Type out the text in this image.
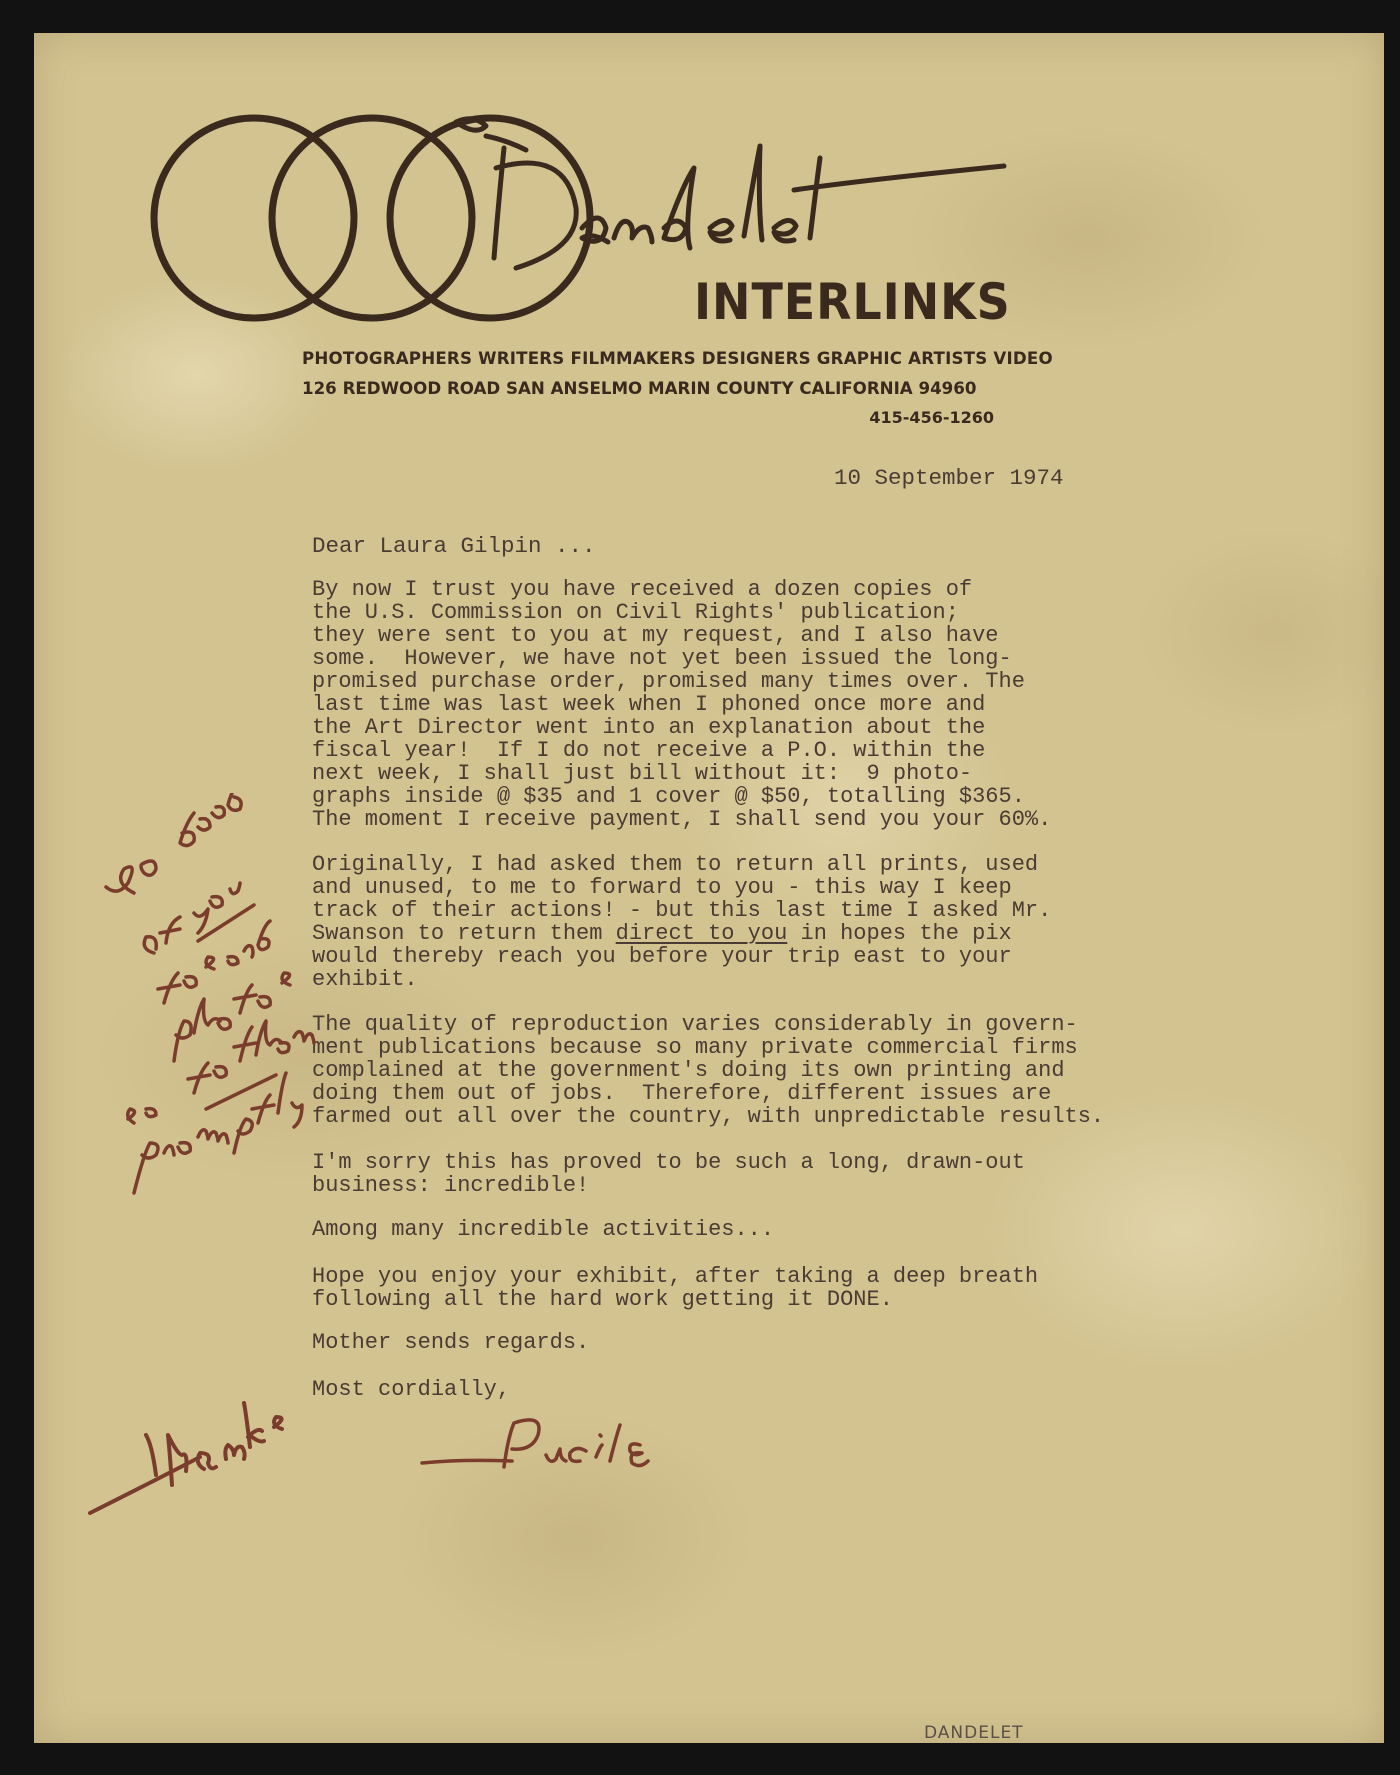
INTERLINKS
PHOTOGRAPHERS WRITERS FILMMAKERS DESIGNERS GRAPHIC ARTISTS VIDEO
126 REDWOOD ROAD SAN ANSELMO MARIN COUNTY CALIFORNIA 94960
415-456-1260
10 September 1974
Dear Laura Gilpin ...
By now I trust you have received a dozen copies of
the U.S. Commission on Civil Rights' publication;
they were sent to you at my request, and I also have
some.  However, we have not yet been issued the long-
promised purchase order, promised many times over. The
last time was last week when I phoned once more and
the Art Director went into an explanation about the
fiscal year!  If I do not receive a P.O. within the
next week, I shall just bill without it:  9 photo-
graphs inside @ $35 and 1 cover @ $50, totalling $365.
The moment I receive payment, I shall send you your 60%.
Originally, I had asked them to return all prints, used
and unused, to me to forward to you - this way I keep
track of their actions! - but this last time I asked Mr.
Swanson to return them direct to you in hopes the pix
would thereby reach you before your trip east to your
exhibit.
The quality of reproduction varies considerably in govern-
ment publications because so many private commercial firms
complained at the government's doing its own printing and
doing them out of jobs.  Therefore, different issues are
farmed out all over the country, with unpredictable results.
I'm sorry this has proved to be such a long, drawn-out
business: incredible!
Among many incredible activities...
Hope you enjoy your exhibit, after taking a deep breath
following all the hard work getting it DONE.
Mother sends regards.
Most cordially,
DANDELET
